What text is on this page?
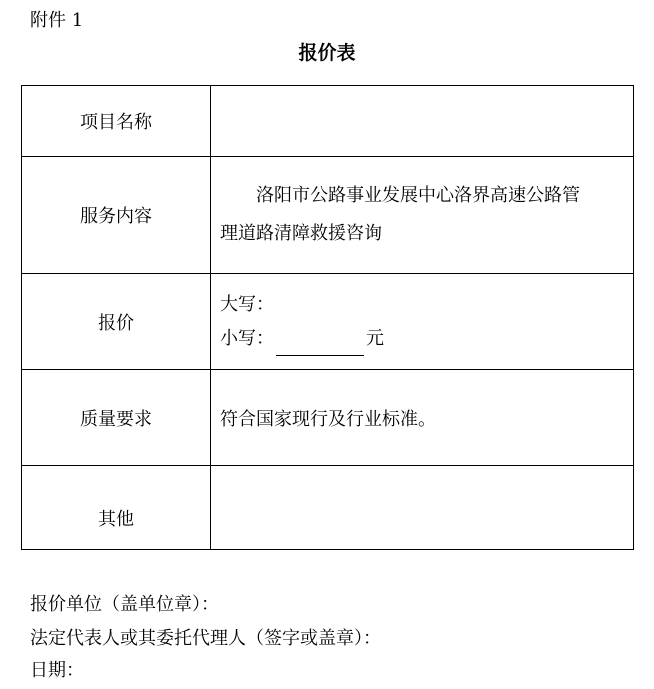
附件 1
报价表
项目名称	
服务内容	洛阳市公路事业发展中心洛界高速公路管
理道路清障救援咨询

报价	大写：
小写： 元

质量要求	符合国家现行及行业标准。
其他	
报价单位（盖单位章）：
法定代表人或其委托代理人（签字或盖章）：
日期：
